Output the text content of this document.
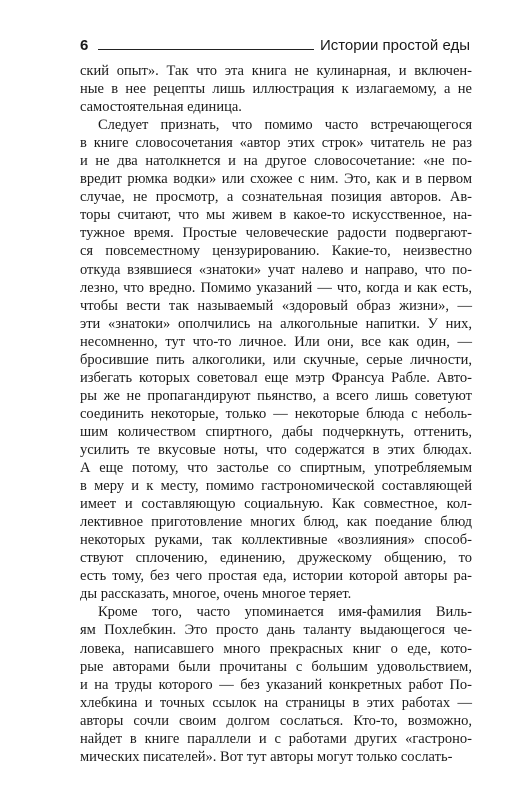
6	Истории простой еды
ский опыт». Так что эта книга не кулинарная, и включен-
ные в нее рецепты лишь иллюстрация к излагаемому, а не
самостоятельная единица.
Следует признать, что помимо часто встречающегося
в книге словосочетания «автор этих строк» читатель не раз
и не два натолкнется и на другое словосочетание: «не по-
вредит рюмка водки» или схожее с ним. Это, как и в первом
случае, не просмотр, а сознательная позиция авторов. Ав-
торы считают, что мы живем в какое-то искусственное, на-
тужное время. Простые человеческие радости подвергают-
ся повсеместному цензурированию. Какие-то, неизвестно
откуда взявшиеся «знатоки» учат налево и направо, что по-
лезно, что вредно. Помимо указаний — что, когда и как есть,
чтобы вести так называемый «здоровый образ жизни», —
эти «знатоки» ополчились на алкогольные напитки. У них,
несомненно, тут что-то личное. Или они, все как один, —
бросившие пить алкоголики, или скучные, серые личности,
избегать которых советовал еще мэтр Франсуа Рабле. Авто-
ры же не пропагандируют пьянство, а всего лишь советуют
соединить некоторые, только — некоторые блюда с неболь-
шим количеством спиртного, дабы подчеркнуть, оттенить,
усилить те вкусовые ноты, что содержатся в этих блюдах.
А еще потому, что застолье со спиртным, употребляемым
в меру и к месту, помимо гастрономической составляющей
имеет и составляющую социальную. Как совместное, кол-
лективное приготовление многих блюд, как поедание блюд
некоторых руками, так коллективные «возлияния» способ-
ствуют сплочению, единению, дружескому общению, то
есть тому, без чего простая еда, истории которой авторы ра-
ды рассказать, многое, очень многое теряет.
Кроме того, часто упоминается имя-фамилия Виль-
ям Похлебкин. Это просто дань таланту выдающегося че-
ловека, написавшего много прекрасных книг о еде, кото-
рые авторами были прочитаны с большим удовольствием,
и на труды которого — без указаний конкретных работ По-
хлебкина и точных ссылок на страницы в этих работах —
авторы сочли своим долгом сослаться. Кто-то, возможно,
найдет в книге параллели и с работами других «гастроно-
мических писателей». Вот тут авторы могут только сослать-
